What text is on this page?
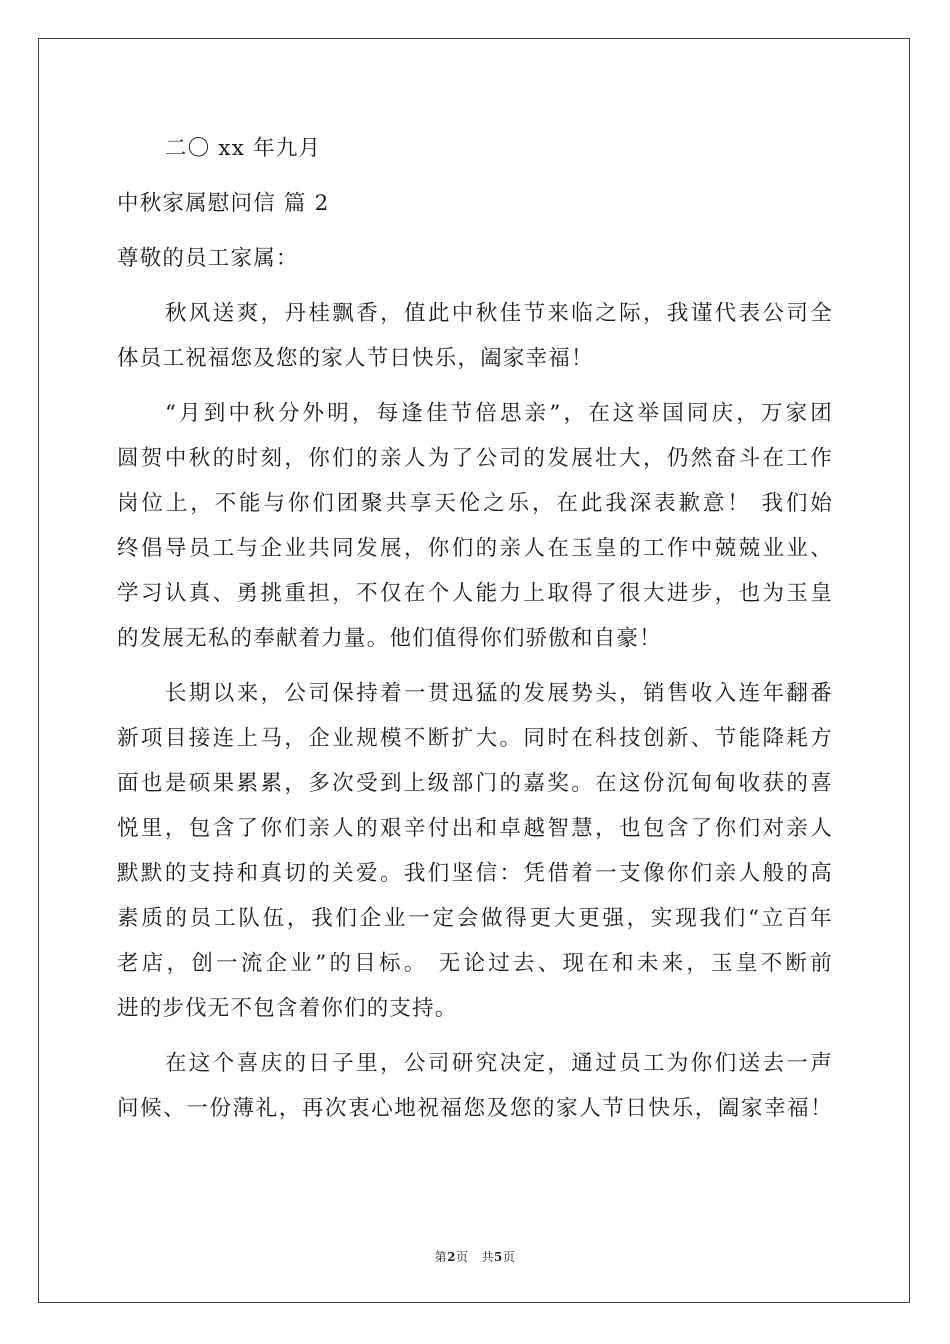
二〇 xx 年九月
中秋家属慰问信 篇 2
尊敬的员工家属：
秋风送爽，丹桂飘香，值此中秋佳节来临之际，我谨代表公司全
体员工祝福您及您的家人节日快乐，阖家幸福！
“月到中秋分外明，每逢佳节倍思亲”，在这举国同庆，万家团
圆贺中秋的时刻，你们的亲人为了公司的发展壮大，仍然奋斗在工作
岗位上，不能与你们团聚共享天伦之乐，在此我深表歉意！ 我们始
终倡导员工与企业共同发展，你们的亲人在玉皇的工作中兢兢业业、
学习认真、勇挑重担，不仅在个人能力上取得了很大进步，也为玉皇
的发展无私的奉献着力量。他们值得你们骄傲和自豪！
长期以来，公司保持着一贯迅猛的发展势头，销售收入连年翻番
新项目接连上马，企业规模不断扩大。同时在科技创新、节能降耗方
面也是硕果累累，多次受到上级部门的嘉奖。在这份沉甸甸收获的喜
悦里，包含了你们亲人的艰辛付出和卓越智慧，也包含了你们对亲人
默默的支持和真切的关爱。我们坚信：凭借着一支像你们亲人般的高
素质的员工队伍，我们企业一定会做得更大更强，实现我们“立百年
老店，创一流企业”的目标。 无论过去、现在和未来，玉皇不断前
进的步伐无不包含着你们的支持。
在这个喜庆的日子里，公司研究决定，通过员工为你们送去一声
问候、一份薄礼，再次衷心地祝福您及您的家人节日快乐，阖家幸福！
第2页 共5页
